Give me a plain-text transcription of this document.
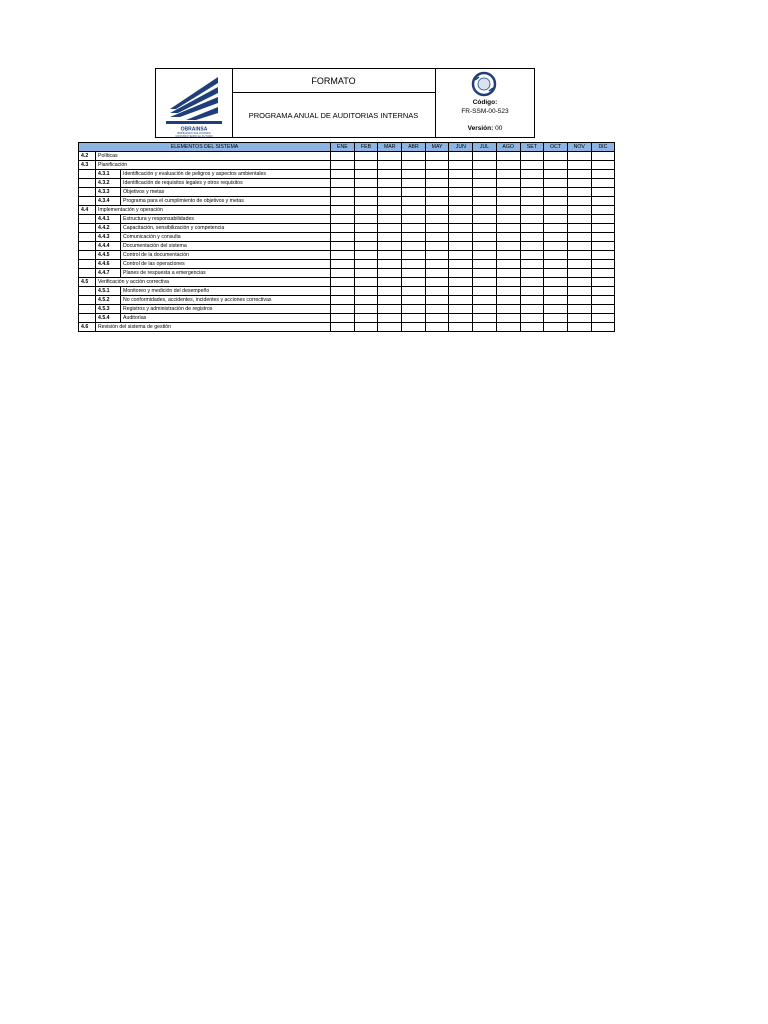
OBRAINSA
BRINDANDO SOLUCIONES
CONSTRUYENDO EL FUTURO
FORMATO
PROGRAMA ANUAL DE AUDITORIAS INTERNAS
Código:
FR-SSM-00-523
Versión: 00
ELEMENTOS DEL SISTEMA			ENE	FEB	MAR	ABR	MAY	JUN	JUL	AGO	SET	OCT	NOV	DIC
4.2	Políticas													
4.3	Planificación													
	4.3.1	Identificación y evaluación de peligros y aspectos ambientales												
	4.3.2	Identificación de requisitos legales y otros requisitos												
	4.3.3	Objetivos y metas												
	4.3.4	Programa para el cumplimiento de objetivos y metas												
4.4	Implementación y operación													
	4.4.1	Estructura y responsabilidades												
	4.4.2	Capacitación, sensibilización y competencia												
	4.4.3	Comunicación y consulta												
	4.4.4	Documentación del sistema												
	4.4.5	Control de la documentación												
	4.4.6	Control de las operaciones												
	4.4.7	Planes de respuesta a emergencias												
4.5	Verificación y acción correctiva													
	4.5.1	Monitoreo y medición del desempeño												
	4.5.2	No conformidades, accidentes, incidentes y acciones correctivas												
	4.5.3	Registros y administración de registros												
	4.5.4	Auditorías												
4.6	Revisión del sistema de gestión													
